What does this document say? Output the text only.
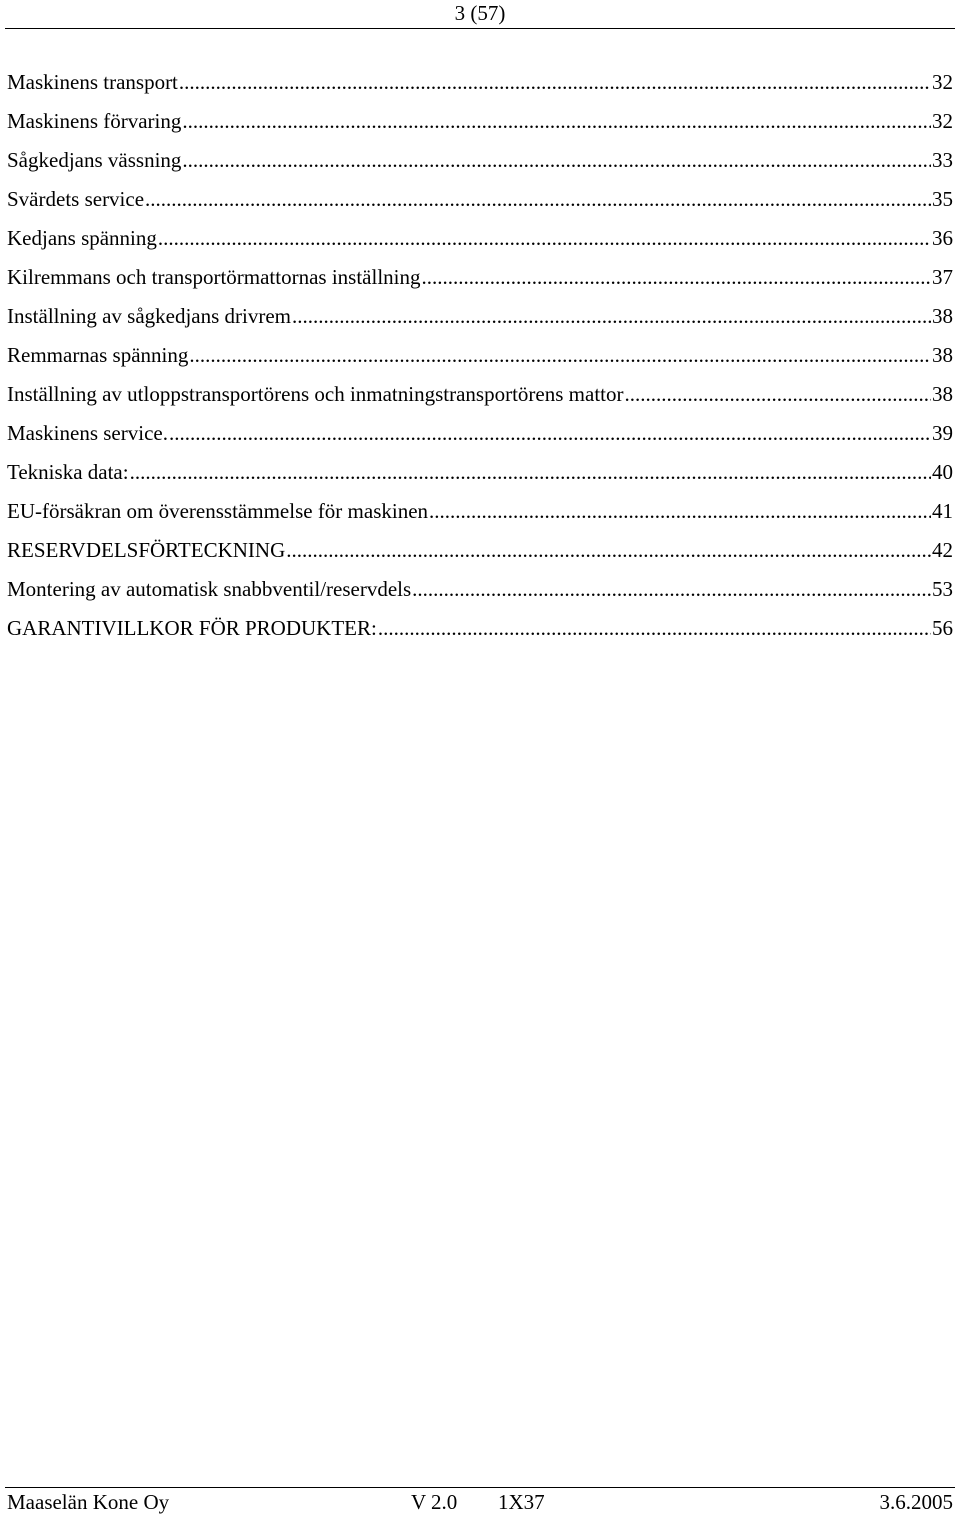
3 (57)
Maskinens transport .....	32
Maskinens förvaring .....	32
Sågkedjans vässning .....	33
Svärdets service .....	35
Kedjans spänning .....	36
Kilremmans och transportörmattornas inställning .....	37
Inställning av sågkedjans drivrem .....	38
Remmarnas spänning .....	38
Inställning av utloppstransportörens och inmatningstransportörens mattor .....	38
Maskinens service. .....	39
Tekniska data: .....	40
EU-försäkran om överensstämmelse för maskinen .....	41
RESERVDELSFÖRTECKNING .....	42
Montering av automatisk snabbventil/reservdels .....	53
GARANTIVILLKOR FÖR PRODUKTER: .....	56
Maaselän Kone Oy	V 2.0 1X37	3.6.2005
